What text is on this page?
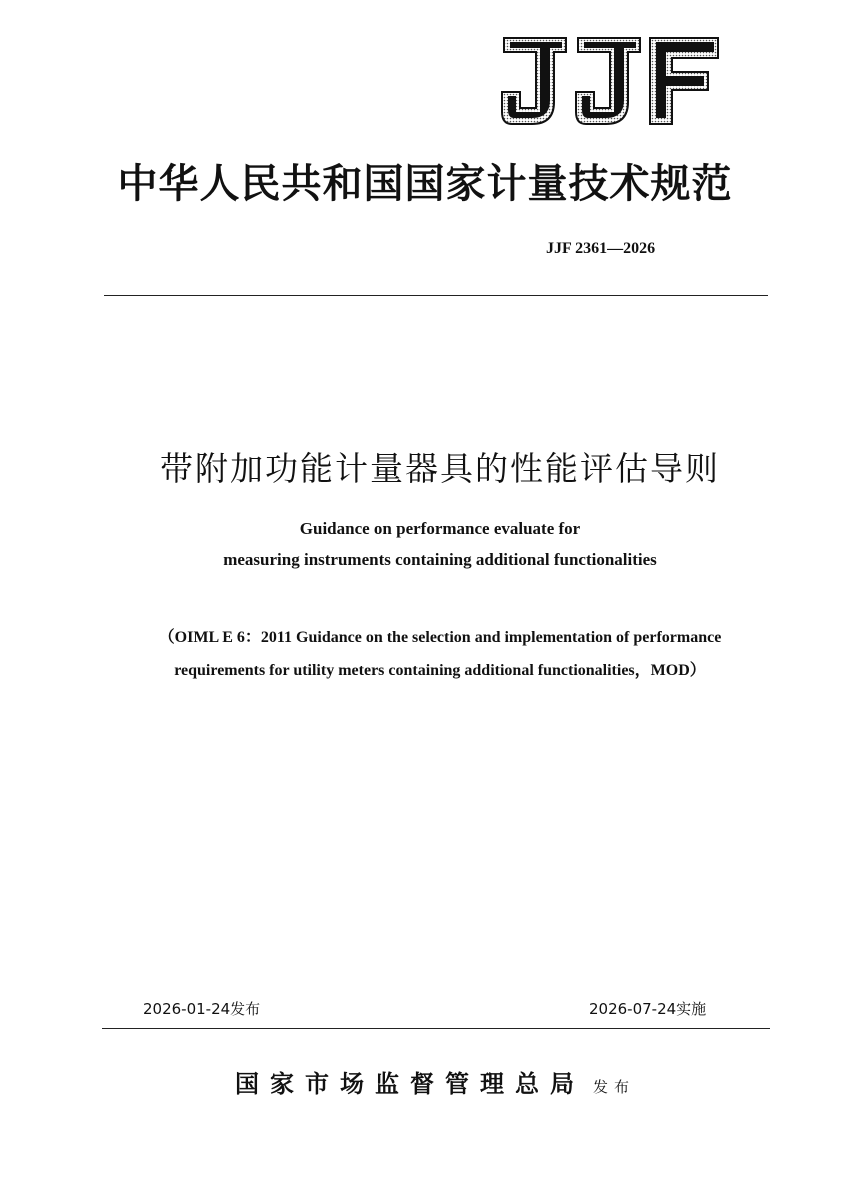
中华人民共和国国家计量技术规范
JJF 2361—2026
带附加功能计量器具的性能评估导则
Guidance on performance evaluate for
measuring instruments containing additional functionalities
（OIML E 6：2011 Guidance on the selection and implementation of performance
requirements for utility meters containing additional functionalities，MOD）
2026-01-24发布	2026-07-24实施
国家市场监督管理总局 发布
